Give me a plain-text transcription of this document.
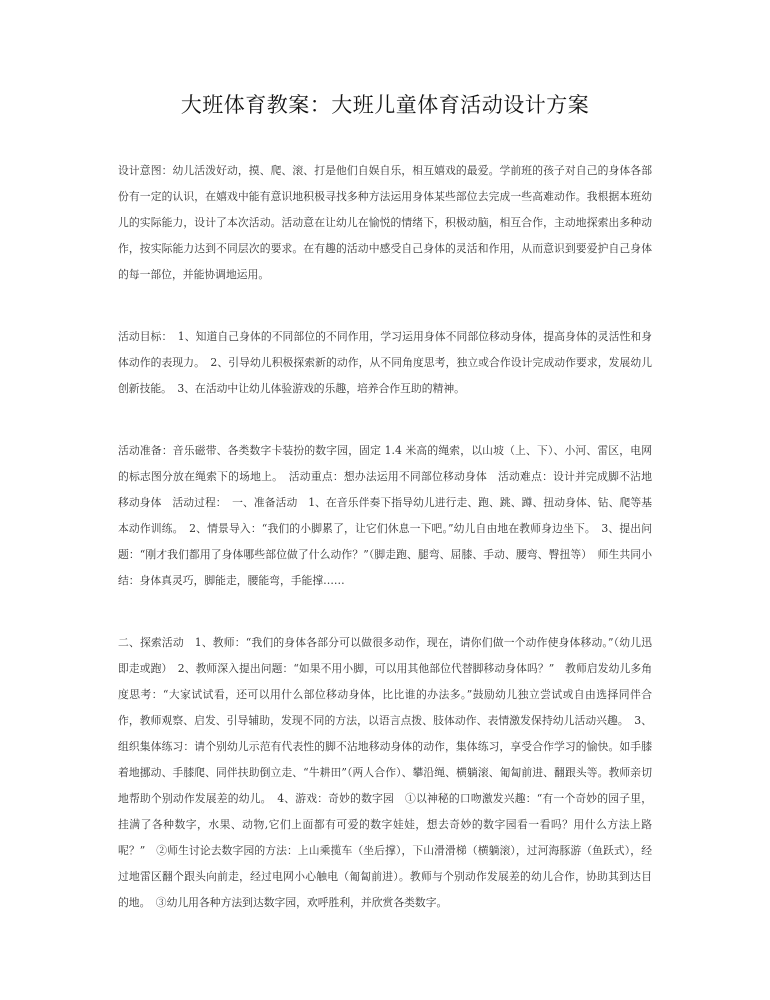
大班体育教案：大班儿童体育活动设计方案

设计意图：幼儿活泼好动，摸、爬、滚、打是他们自娱自乐，相互嬉戏的最爱。学前班的孩子对自己的身体各部份有一定的认识，在嬉戏中能有意识地积极寻找多种方法运用身体某些部位去完成一些高难动作。我根据本班幼儿的实际能力，设计了本次活动。活动意在让幼儿在愉悦的情绪下，积极动脑，相互合作，主动地探索出多种动作，按实际能力达到不同层次的要求。在有趣的活动中感受自己身体的灵活和作用，从而意识到要爱护自己身体的每一部位，并能协调地运用。

活动目标：　1、知道自己身体的不同部位的不同作用，学习运用身体不同部位移动身体，提高身体的灵活性和身体动作的表现力。　2、引导幼儿积极探索新的动作，从不同角度思考，独立或合作设计完成动作要求，发展幼儿创新技能。　3、在活动中让幼儿体验游戏的乐趣，培养合作互助的精神。

活动准备：音乐磁带、各类数字卡装扮的数字园，固定 1.4 米高的绳索，以山坡（上、下）、小河、雷区，电网的标志图分放在绳索下的场地上。　活动重点：想办法运用不同部位移动身体　活动难点：设计并完成脚不沾地移动身体　活动过程：　一、准备活动　1、在音乐伴奏下指导幼儿进行走、跑、跳、蹲、扭动身体、钻、爬等基本动作训练。　2、情景导入：“我们的小脚累了，让它们休息一下吧。”幼儿自由地在教师身边坐下。　3、提出问题：“刚才我们都用了身体哪些部位做了什么动作？”（脚走跑、腿弯、屈膝、手动、腰弯、臀扭等）　师生共同小结：身体真灵巧，脚能走，腰能弯，手能撑……

二、探索活动　1、教师：“我们的身体各部分可以做很多动作，现在，请你们做一个动作使身体移动。”（幼儿迅即走或跑）　2、教师深入提出问题：“如果不用小脚，可以用其他部位代替脚移动身体吗？”　教师启发幼儿多角度思考：“大家试试看，还可以用什么部位移动身体，比比谁的办法多。”鼓励幼儿独立尝试或自由选择同伴合作，教师观察、启发、引导辅助，发现不同的方法，以语言点拨、肢体动作、表情激发保持幼儿活动兴趣。　3、组织集体练习：请个别幼儿示范有代表性的脚不沾地移动身体的动作，集体练习，享受合作学习的愉快。如手膝着地挪动、手膝爬、同伴扶助倒立走、“牛耕田”（两人合作）、攀沿绳、横躺滚、匍匐前进、翻跟头等。教师亲切地帮助个别动作发展差的幼儿。　4、游戏：奇妙的数字园　①以神秘的口吻激发兴趣：“有一个奇妙的园子里，挂满了各种数字，水果、动物,它们上面都有可爱的数字娃娃，想去奇妙的数字园看一看吗？用什么方法上路呢？”　②师生讨论去数字园的方法：上山乘揽车（坐后撑），下山滑滑梯（横躺滚），过河海豚游（鱼跃式），经过地雷区翻个跟头向前走，经过电网小心触电（匍匐前进）。教师与个别动作发展差的幼儿合作，协助其到达目的地。　③幼儿用各种方法到达数字园，欢呼胜利，并欣赏各类数字。
